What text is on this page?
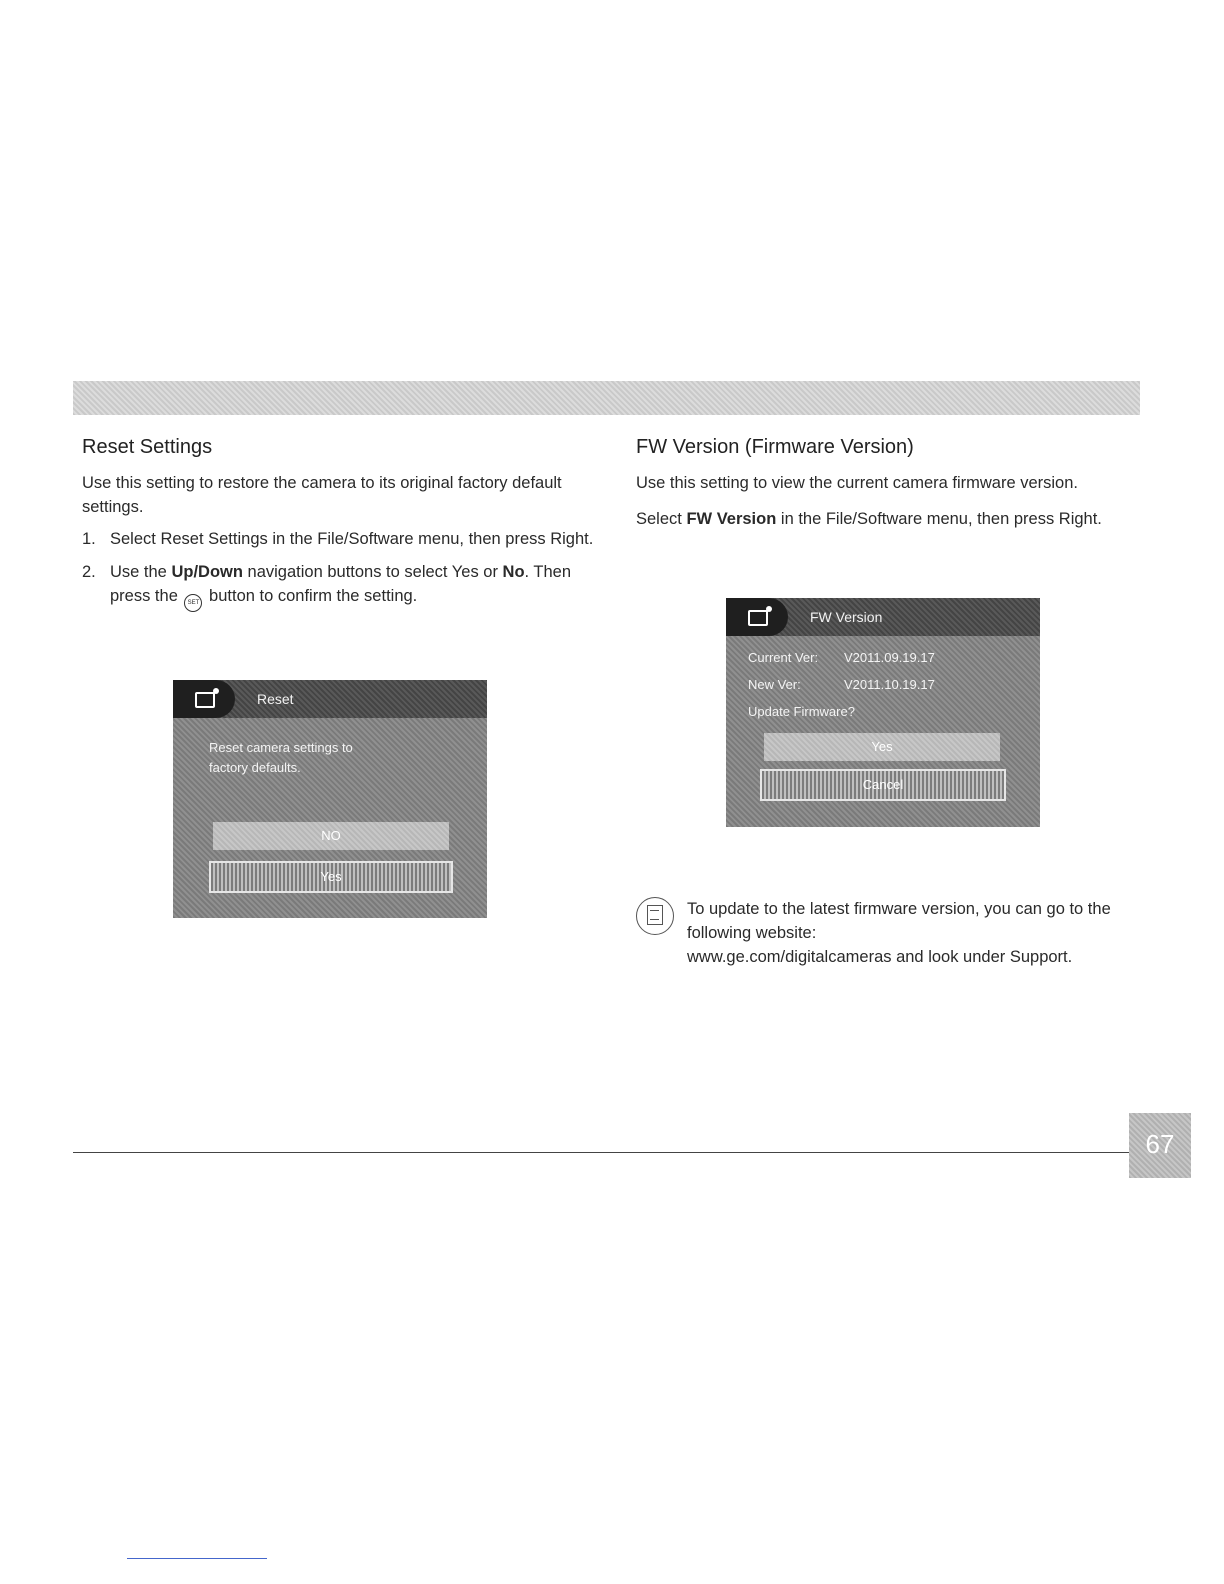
Reset Settings

Use this setting to restore the camera to its original factory default settings.

1. Select Reset Settings in the File/Software menu, then press Right.
2. Use the Up/Down navigation buttons to select Yes or No. Then press the SET button to confirm the setting.
Reset
Reset camera settings to
factory defaults.
NO
Yes
FW Version (Firmware Version)

Use this setting to view the current camera firmware version.

Select FW Version in the File/Software menu, then press Right.

FW Version
Current Ver: V2011.09.19.17
New Ver:	V2011.10.19.17
Update Firmware?
Yes
Cancel
To update to the latest firmware version, you can go to the following website:
www.ge.com/digitalcameras and look under Support.
67
